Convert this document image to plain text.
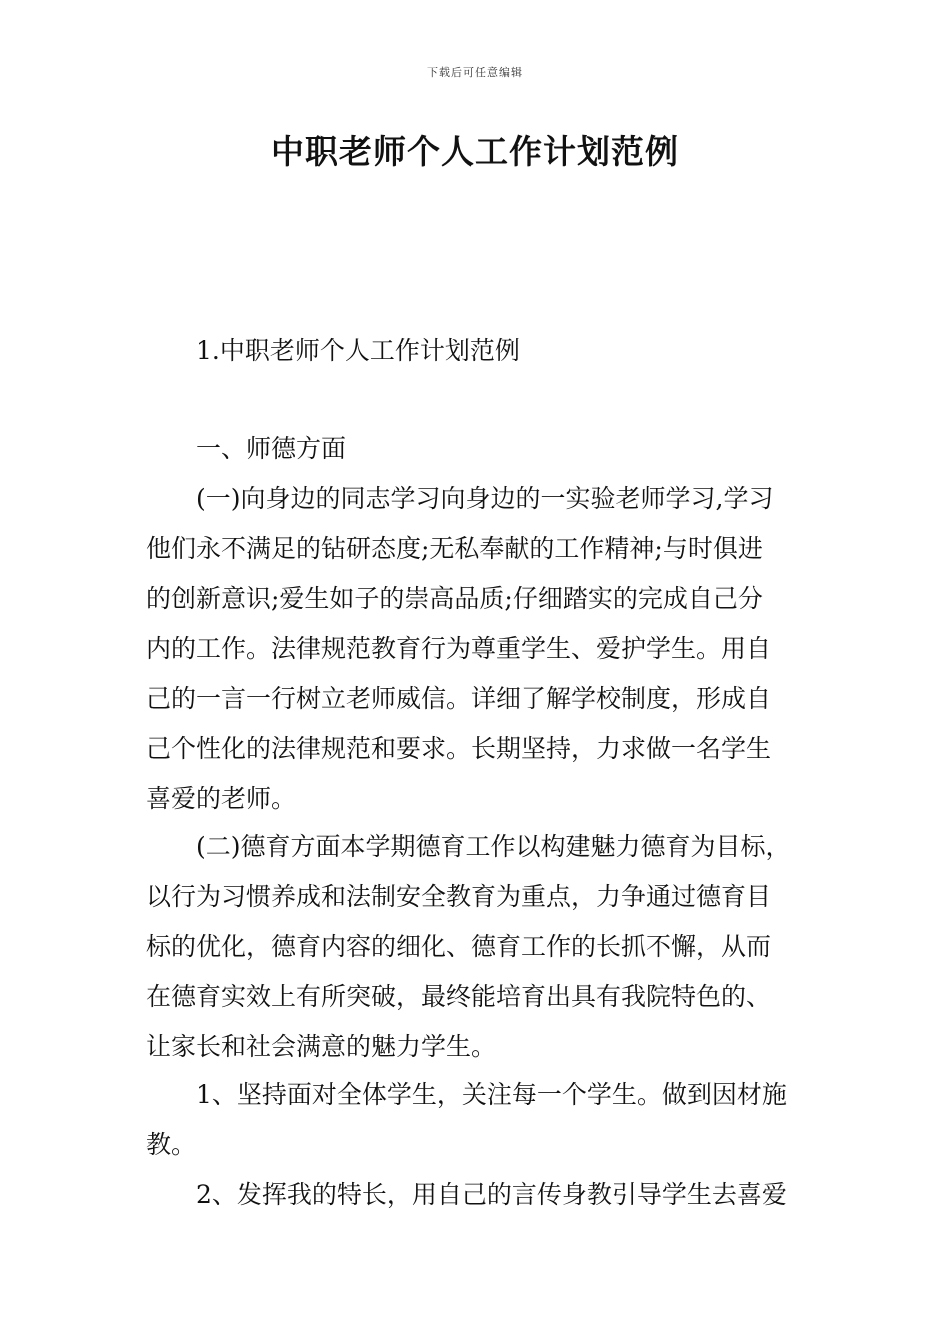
下载后可任意编辑
中职老师个人工作计划范例
1.中职老师个人工作计划范例
一、师德方面
(一)向身边的同志学习向身边的一实验老师学习,学习
他们永不满足的钻研态度;无私奉献的工作精神;与时俱进
的创新意识;爱生如子的崇高品质;仔细踏实的完成自己分
内的工作。法律规范教育行为尊重学生、爱护学生。用自
己的一言一行树立老师威信。详细了解学校制度，形成自
己个性化的法律规范和要求。长期坚持，力求做一名学生
喜爱的老师。
(二)德育方面本学期德育工作以构建魅力德育为目标，
以行为习惯养成和法制安全教育为重点，力争通过德育目
标的优化，德育内容的细化、德育工作的长抓不懈，从而
在德育实效上有所突破，最终能培育出具有我院特色的、
让家长和社会满意的魅力学生。
1、坚持面对全体学生，关注每一个学生。做到因材施
教。
2、发挥我的特长，用自己的言传身教引导学生去喜爱
